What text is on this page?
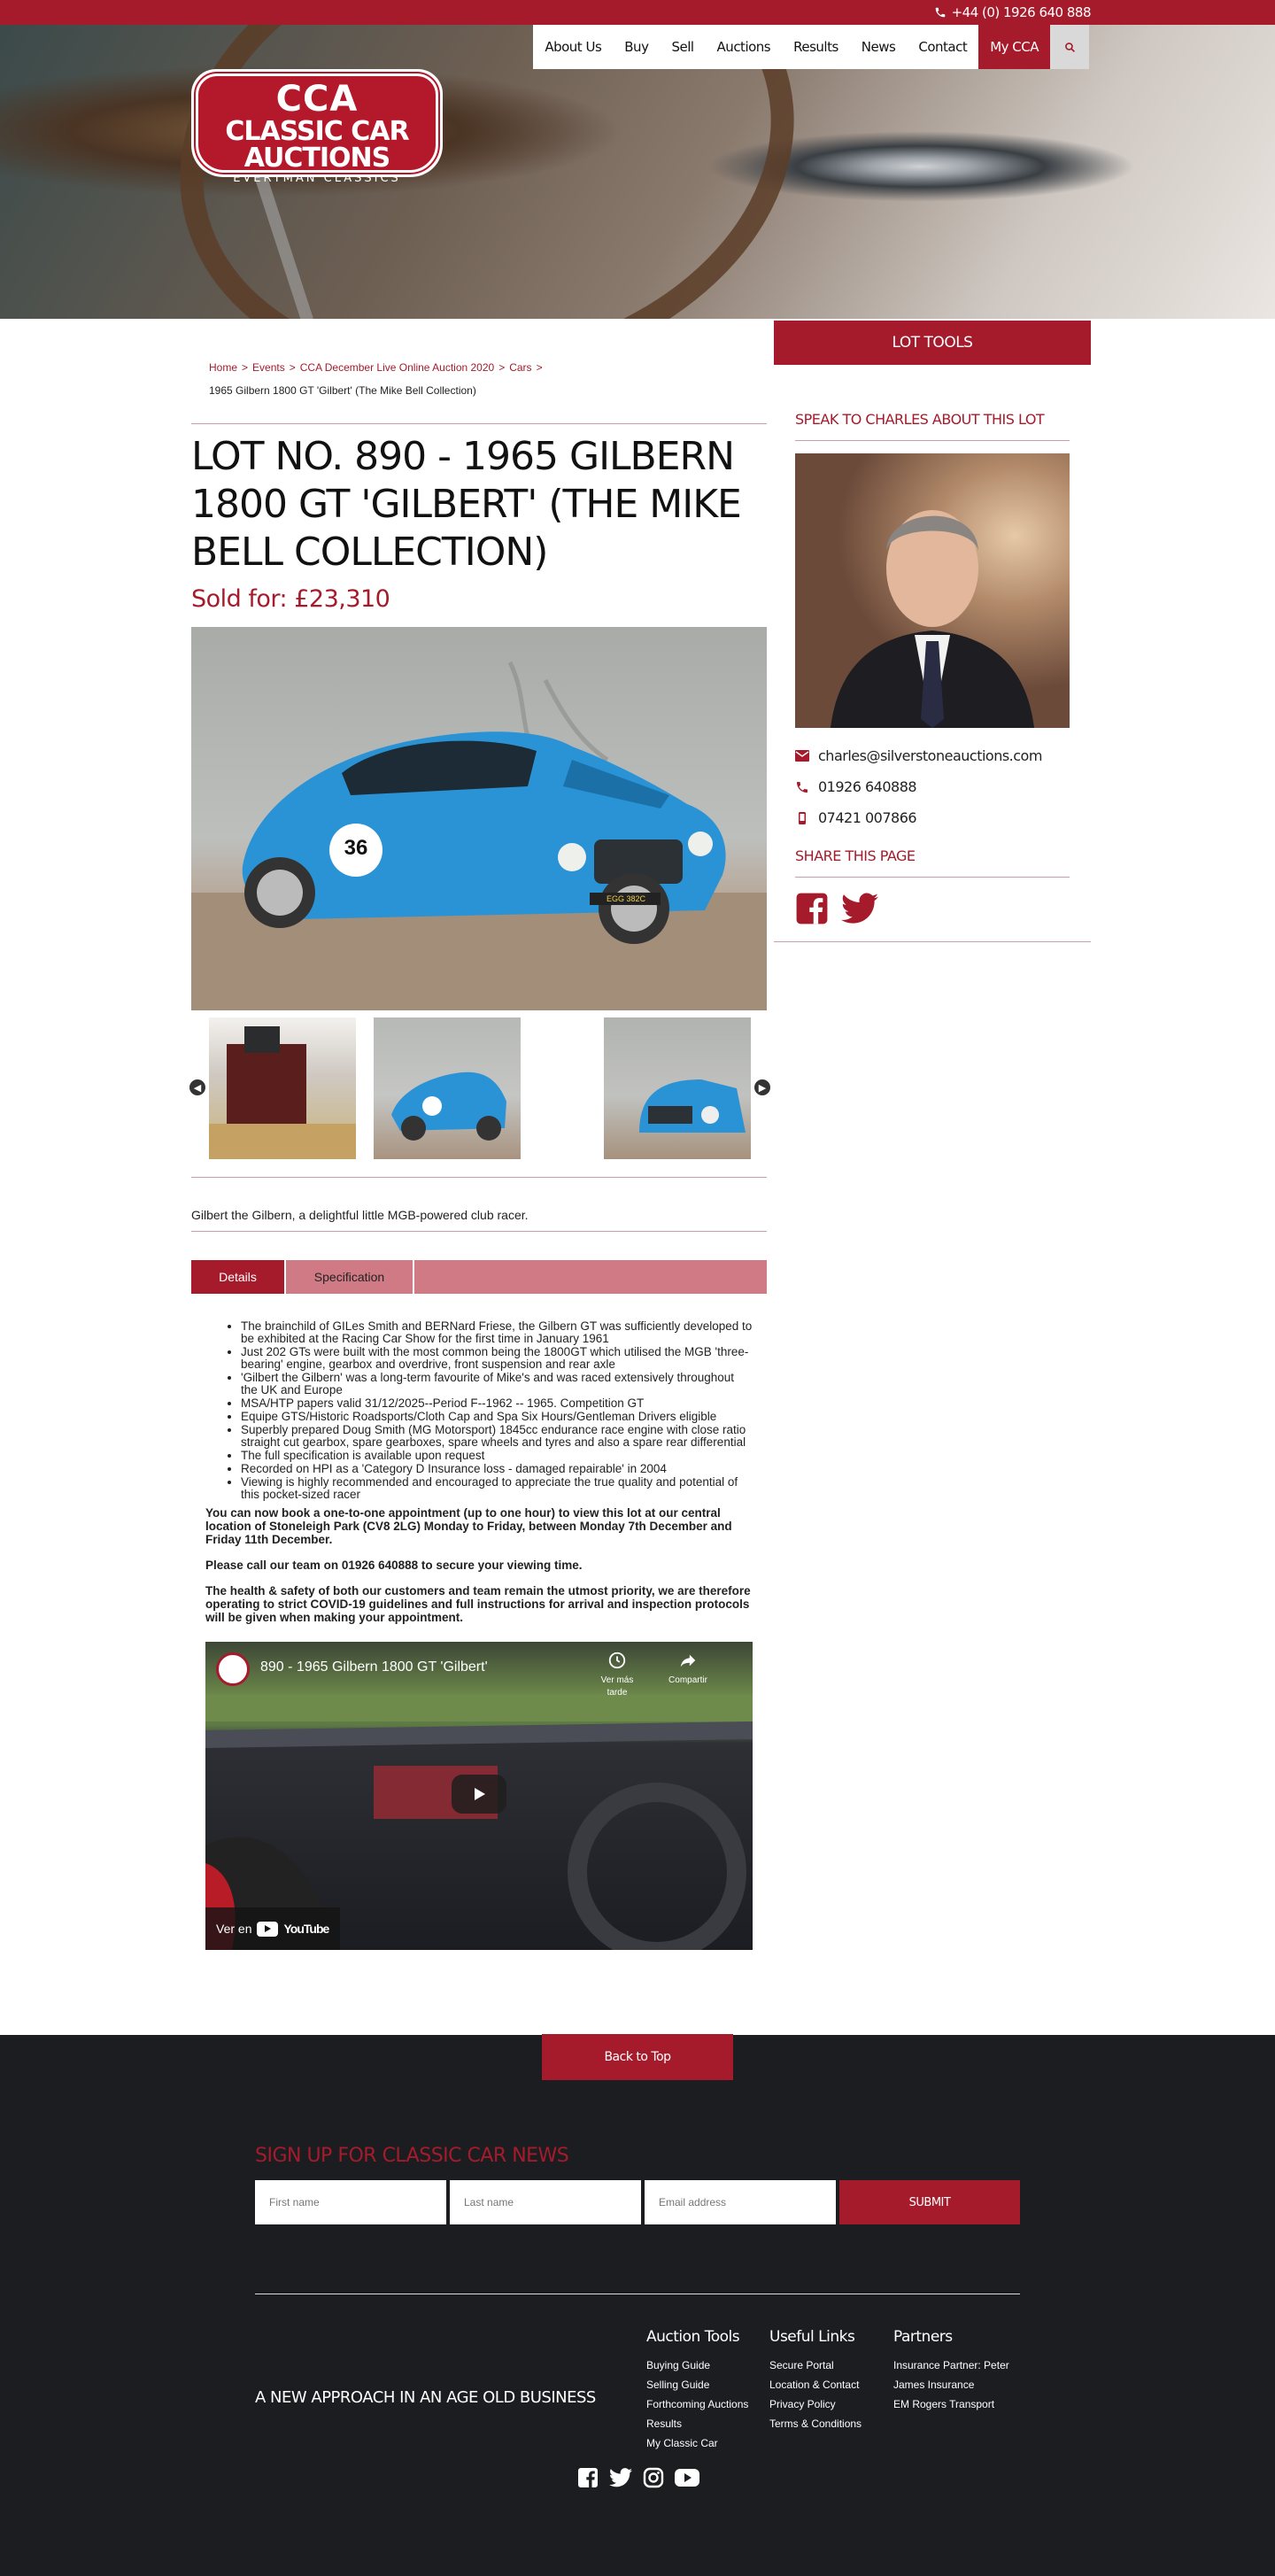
+44 (0) 1926 640 888
About Us	Buy	Sell	Auctions	Results	News	Contact	My CCA
CCA
CLASSIC CAR AUCTIONS
EVERYMAN CLASSICS
Home > Events > CCA December Live Online Auction 2020 > Cars >
1965 Gilbern 1800 GT 'Gilbert' (The Mike Bell Collection)
LOT NO. 890 - 1965 GILBERN 1800 GT 'GILBERT' (THE MIKE BELL COLLECTION)
Sold for: £23,310
36
EGG 382C
◀	▶
Gilbert the Gilbern, a delightful little MGB-powered club racer.
Details	Specification
• The brainchild of GILes Smith and BERNard Friese, the Gilbern GT was sufficiently developed to be exhibited at the Racing Car Show for the first time in January 1961
• Just 202 GTs were built with the most common being the 1800GT which utilised the MGB 'three-bearing' engine, gearbox and overdrive, front suspension and rear axle
• 'Gilbert the Gilbern' was a long-term favourite of Mike's and was raced extensively throughout the UK and Europe
• MSA/HTP papers valid 31/12/2025--Period F--1962 -- 1965. Competition GT
• Equipe GTS/Historic Roadsports/Cloth Cap and Spa Six Hours/Gentleman Drivers eligible
• Superbly prepared Doug Smith (MG Motorsport) 1845cc endurance race engine with close ratio straight cut gearbox, spare gearboxes, spare wheels and tyres and also a spare rear differential
• The full specification is available upon request
• Recorded on HPI as a 'Category D Insurance loss - damaged repairable' in 2004
• Viewing is highly recommended and encouraged to appreciate the true quality and potential of this pocket-sized racer

You can now book a one-to-one appointment (up to one hour) to view this lot at our central location of Stoneleigh Park (CV8 2LG) Monday to Friday, between Monday 7th December and Friday 11th December.

Please call our team on 01926 640888 to secure your viewing time.

The health & safety of both our customers and team remain the utmost priority, we are therefore operating to strict COVID-19 guidelines and full instructions for arrival and inspection protocols will be given when making your appointment.

890 - 1965 Gilbern 1800 GT 'Gilbert'
Ver más tarde
Compartir
Ver en	YouTube
LOT TOOLS
SPEAK TO CHARLES ABOUT THIS LOT
charles@silverstoneauctions.com
01926 640888
07421 007866
SHARE THIS PAGE
Back to Top
SIGN UP FOR CLASSIC CAR NEWS
First name
Last name
Email address
SUBMIT
A NEW APPROACH IN AN AGE OLD BUSINESS
Auction Tools
Buying Guide
Selling Guide
Forthcoming Auctions
Results
My Classic Car
Useful Links
Secure Portal
Location & Contact
Privacy Policy
Terms & Conditions
Partners
Insurance Partner: Peter James Insurance
EM Rogers Transport
